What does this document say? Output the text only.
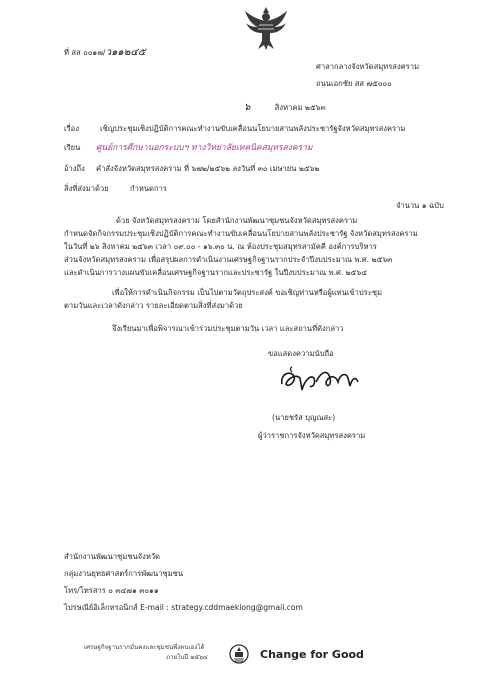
ที่ สส ๐๐๑๗/ว๑๑๒๔๕
ศาลากลางจังหวัดสมุทรสงคราม
ถนนเอกชัย สส ๗๕๐๐๐
๖	สิงหาคม ๒๕๖๓
เรื่อง	เชิญประชุมเชิงปฏิบัติการคณะทำงานขับเคลื่อนนโยบายสานพลังประชารัฐจังหวัดสมุทรสงคราม
เรียน ศูนย์การศึกษานอกระบบฯ ทางวิทยาลัยเทคนิคสมุทรสงคราม
อ้างถึง คำสั่งจังหวัดสมุทรสงคราม ที่ ๖๗๒/๒๕๖๒ ลงวันที่ ๓๐ เมษายน ๒๕๖๒
สิ่งที่ส่งมาด้วย	กำหนดการ
จำนวน ๑ ฉบับ
ด้วย จังหวัดสมุทรสงคราม โดยสำนักงานพัฒนาชุมชนจังหวัดสมุทรสงคราม
กำหนดจัดกิจกรรมประชุมเชิงปฏิบัติการคณะทำงานขับเคลื่อนนโยบายสานพลังประชารัฐ จังหวัดสมุทรสงคราม
ในวันที่ ๒๖ สิงหาคม ๒๕๖๓ เวลา ๐๙.๐๐ - ๑๖.๓๐ น. ณ ห้องประชุมสมุทรสามัคคี องค์การบริหาร
ส่วนจังหวัดสมุทรสงคราม เพื่อสรุปผลการดำเนินงานเศรษฐกิจฐานรากประจำปีงบประมาณ พ.ศ. ๒๕๖๓
และดำเนินการวางแผนขับเคลื่อนเศรษฐกิจฐานรากและประชารัฐ ในปีงบประมาณ พ.ศ. ๒๕๖๔
เพื่อให้การดำเนินกิจกรรม เป็นไปตามวัตถุประสงค์ ขอเชิญท่านหรือผู้แทนเข้าประชุม
ตามวันและเวลาดังกล่าว รายละเอียดตามสิ่งที่ส่งมาด้วย
จึงเรียนมาเพื่อพิจารณาเข้าร่วมประชุมตามวัน เวลา และสถานที่ดังกล่าว
ขอแสดงความนับถือ
(นายชรัส บุญณสะ)
ผู้ว่าราชการจังหวัดสมุทรสงคราม
สำนักงานพัฒนาชุมชนจังหวัด
กลุ่มงานยุทธศาสตร์การพัฒนาชุมชน
โทร/โทรสาร ๐ ๓๔๗๑ ๓๐๑๑
ไปรษณีย์อิเล็กทรอนิกส์ E-mail : strategy.cddmaeklong@gmail.com
เศรษฐกิจฐานรากมั่นคงและชุมชนพึ่งตนเองได้
ภายในปี ๒๕๖๔	Change for Good
